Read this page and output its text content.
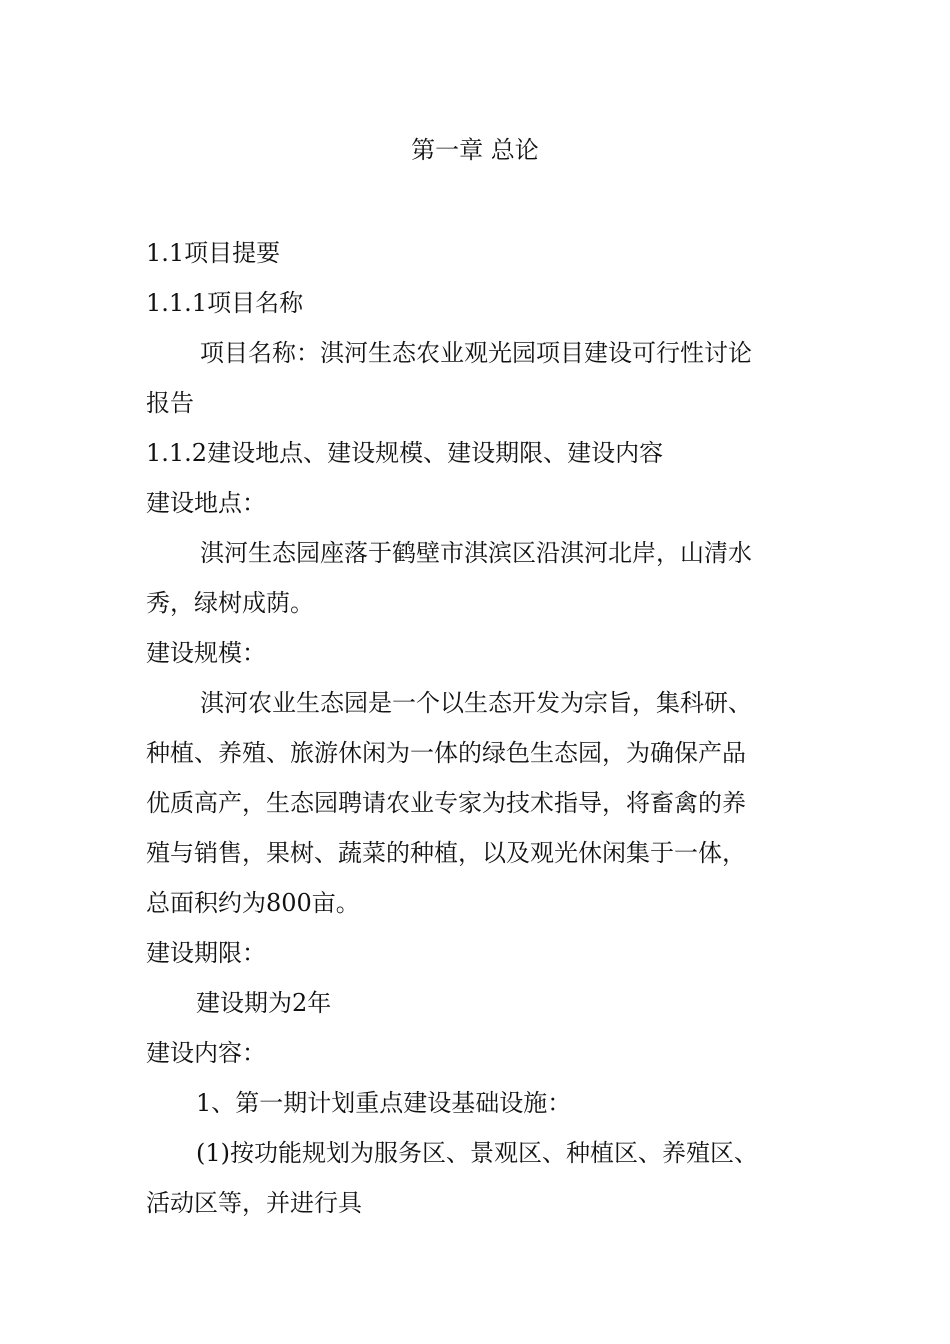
第一章 总论
1.1项目提要
1.1.1项目名称
项目名称：淇河生态农业观光园项目建设可行性讨论
报告
1.1.2建设地点、建设规模、建设期限、建设内容
建设地点：
淇河生态园座落于鹤壁市淇滨区沿淇河北岸，山清水
秀，绿树成荫。
建设规模：
淇河农业生态园是一个以生态开发为宗旨，集科研、
种植、养殖、旅游休闲为一体的绿色生态园，为确保产品
优质高产，生态园聘请农业专家为技术指导，将畜禽的养
殖与销售，果树、蔬菜的种植，以及观光休闲集于一体，
总面积约为800亩。
建设期限：
建设期为2年
建设内容：
1、第一期计划重点建设基础设施：
(1)按功能规划为服务区、景观区、种植区、养殖区、
活动区等，并进行具
